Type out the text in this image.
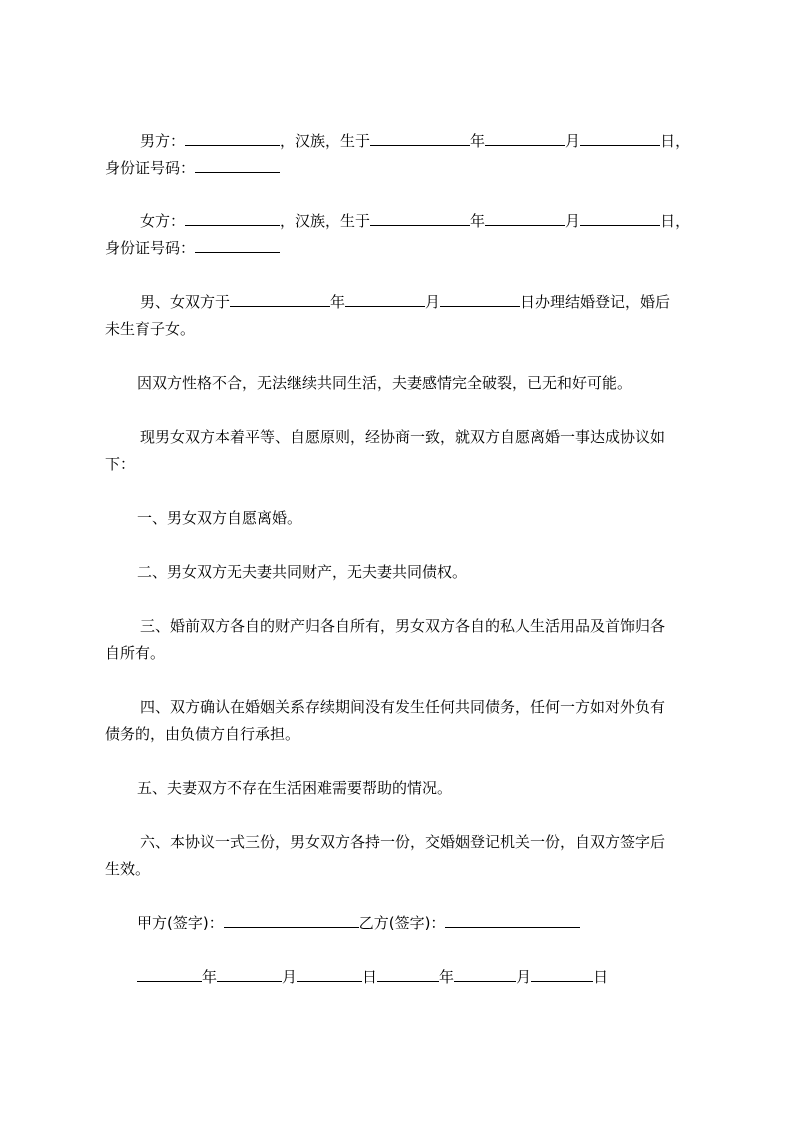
男方：	，汉族，生于	年	月	日，
身份证号码：
女方：	，汉族，生于	年	月	日，
身份证号码：
男、女双方于	年	月	日办理结婚登记，婚后
未生育子女。
因双方性格不合，无法继续共同生活，夫妻感情完全破裂，已无和好可能。
现男女双方本着平等、自愿原则，经协商一致，就双方自愿离婚一事达成协议如
下：
一、男女双方自愿离婚。
二、男女双方无夫妻共同财产，无夫妻共同债权。
三、婚前双方各自的财产归各自所有，男女双方各自的私人生活用品及首饰归各
自所有。
四、双方确认在婚姻关系存续期间没有发生任何共同债务，任何一方如对外负有
债务的，由负债方自行承担。
五、夫妻双方不存在生活困难需要帮助的情况。
六、本协议一式三份，男女双方各持一份，交婚姻登记机关一份，自双方签字后
生效。
甲方(签字)：	乙方(签字)：
年	月	日	年	月	日
